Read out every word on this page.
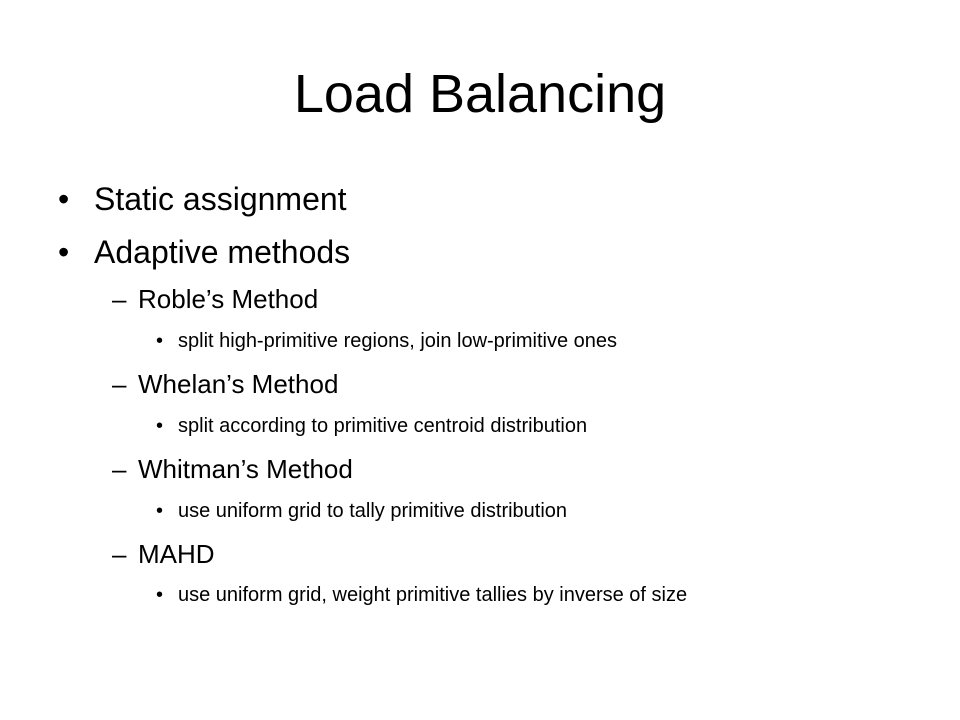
Load Balancing
• Static assignment
• Adaptive methods
– Roble’s Method
• split high-primitive regions, join low-primitive ones
– Whelan’s Method
• split according to primitive centroid distribution
– Whitman’s Method
• use uniform grid to tally primitive distribution
– MAHD
• use uniform grid, weight primitive tallies by inverse of size
